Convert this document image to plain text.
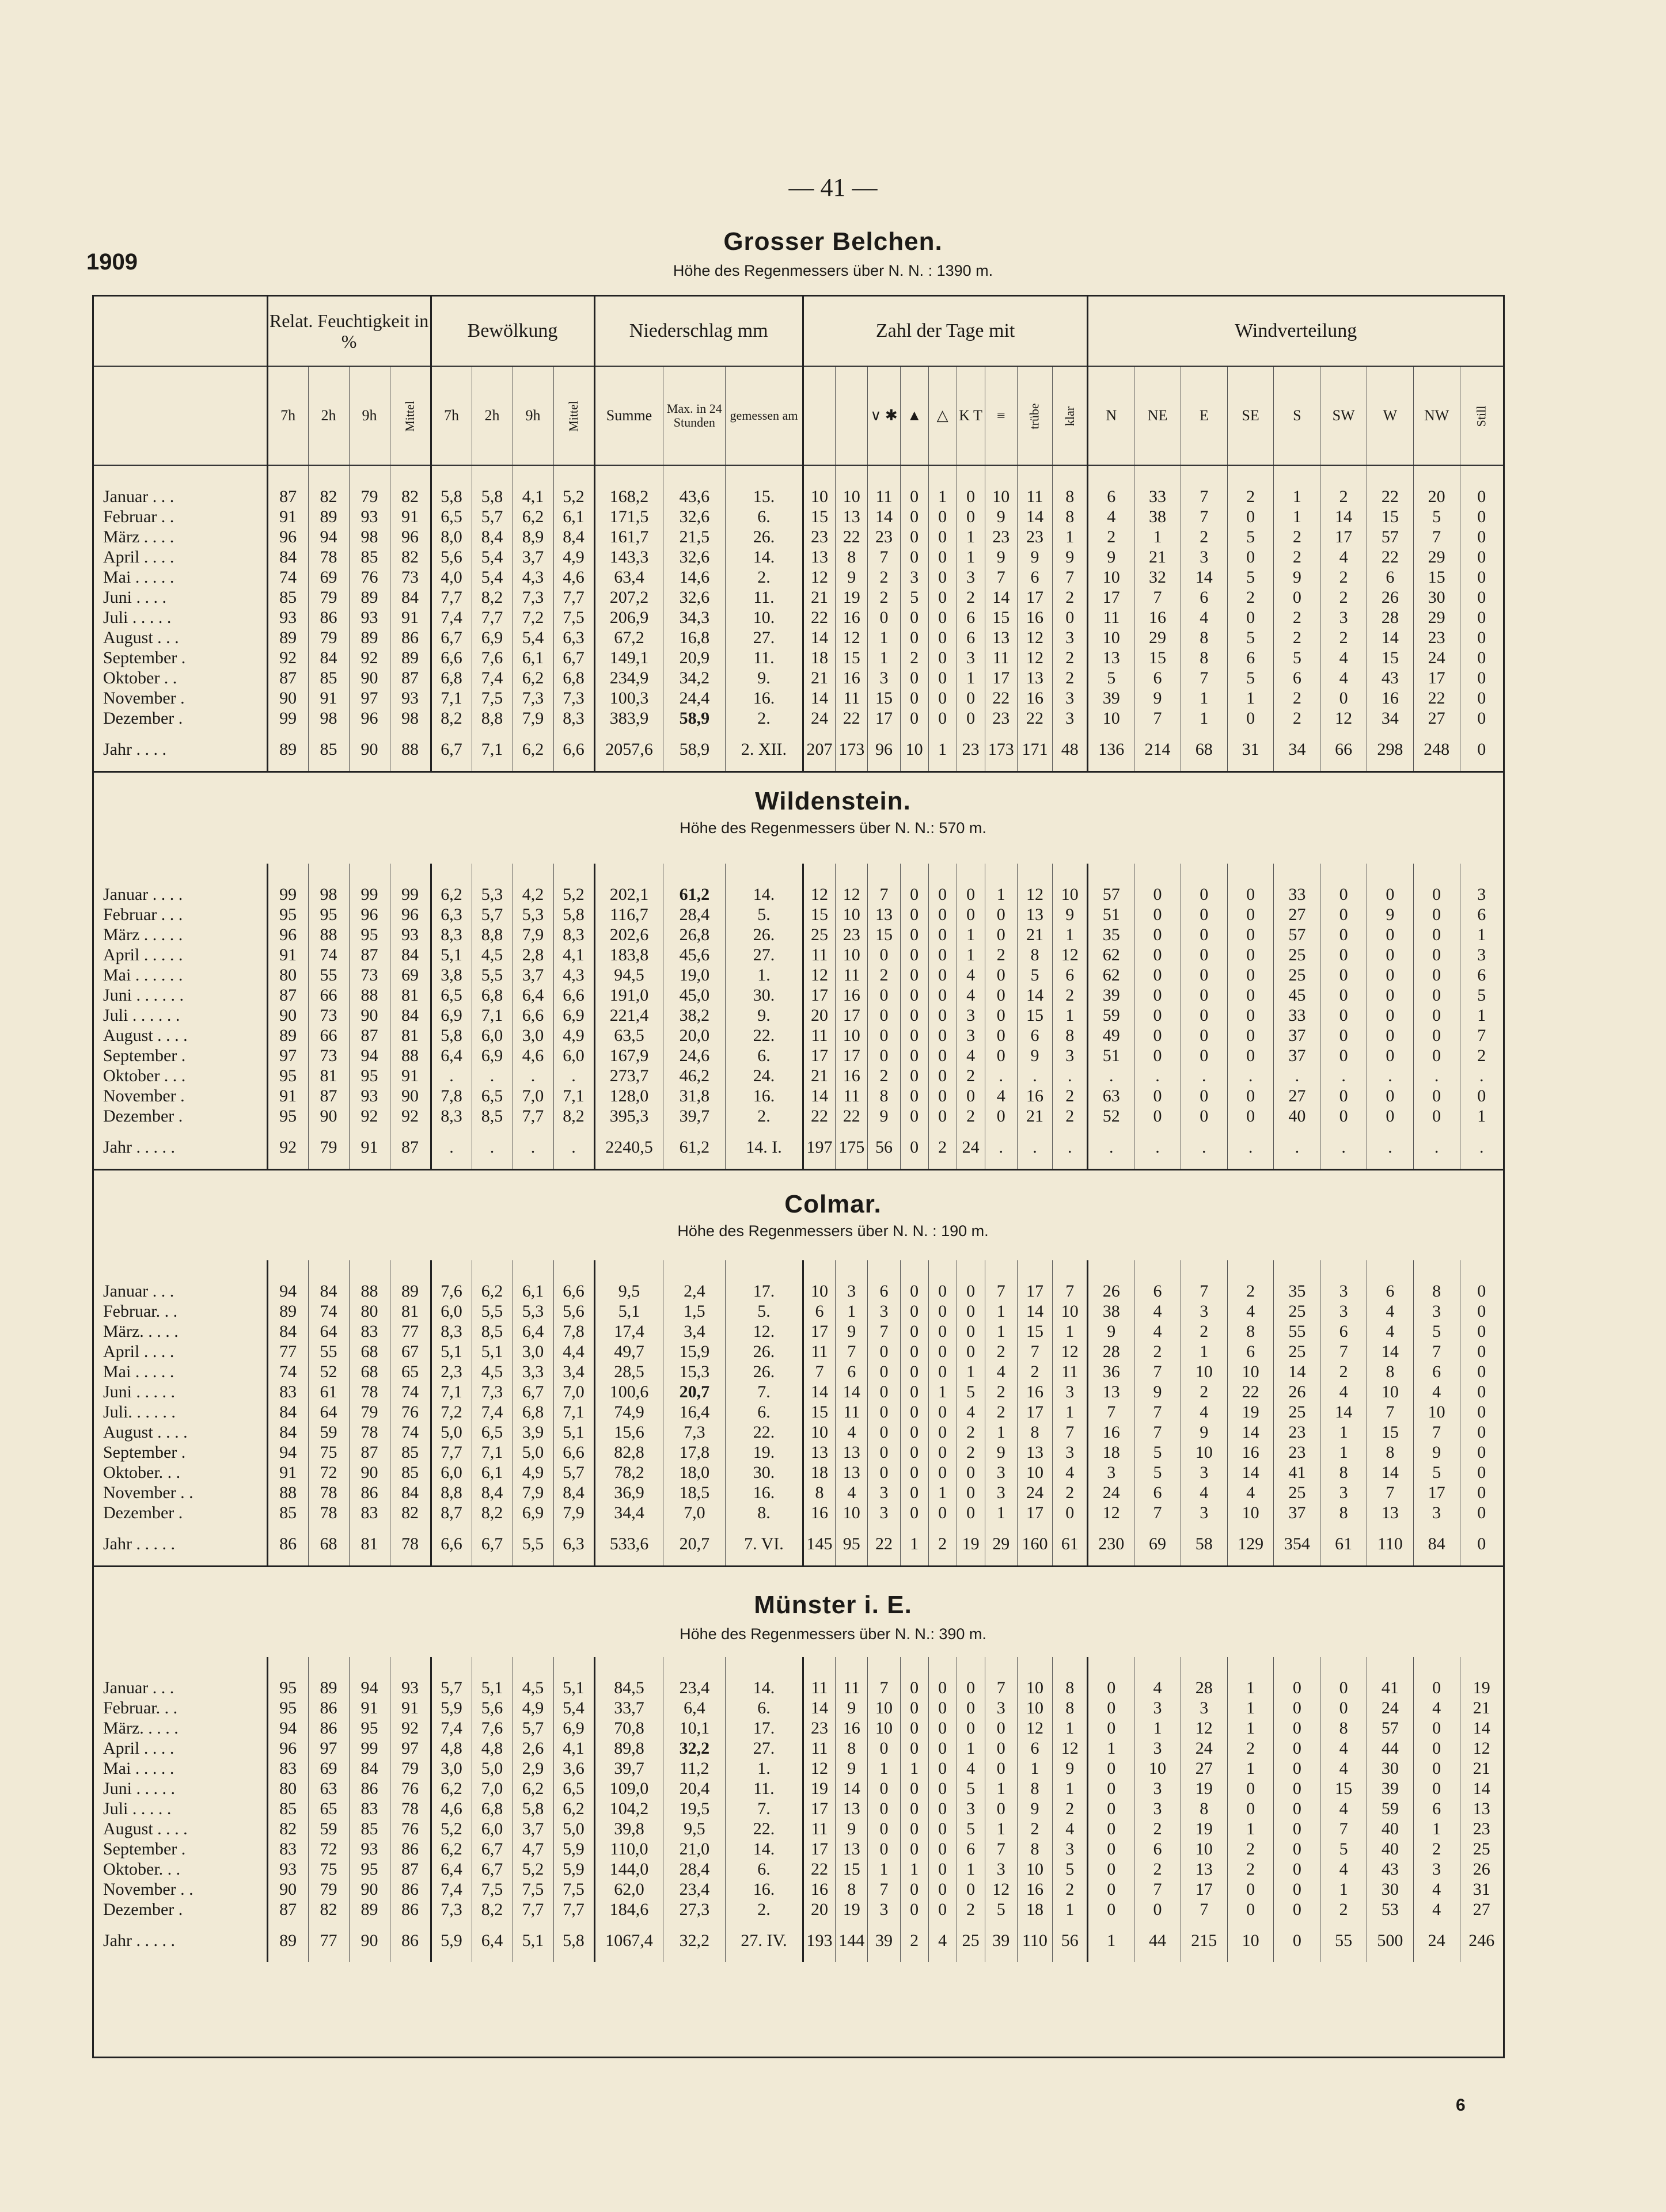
— 41 —
1909
Grosser Belchen.
Höhe des Regenmessers über N. N. : 1390 m.
Wildenstein.
Höhe des Regenmessers über N. N.: 570 m.
Colmar.
Höhe des Regenmessers über N. N. : 190 m.
Münster i. E.
Höhe des Regenmessers über N. N.: 390 m.

	Relat. Feuchtigkeit in %				Bewölkung				Niederschlag mm			Zahl der Tage mit									Windverteilung								
	7h	2h	9h	Mittel	7h	2h	9h	Mittel	Summe	Max. in 24 Stunden	gemessen am			∨ ✱	▲	△	K T	≡	trübe	klar	N	NE	E	SE	S	SW	W	NW	Still

Januar . . .	87	82	79	82	5,8	5,8	4,1	5,2	168,2	43,6	15.	10	10	11	0	1	0	10	11	8	6	33	7	2	1	2	22	20	0
Februar . .	91	89	93	91	6,5	5,7	6,2	6,1	171,5	32,6	6.	15	13	14	0	0	0	9	14	8	4	38	7	0	1	14	15	5	0
März . . . .	96	94	98	96	8,0	8,4	8,9	8,4	161,7	21,5	26.	23	22	23	0	0	1	23	23	1	2	1	2	5	2	17	57	7	0
April . . . .	84	78	85	82	5,6	5,4	3,7	4,9	143,3	32,6	14.	13	8	7	0	0	1	9	9	9	9	21	3	0	2	4	22	29	0
Mai . . . . .	74	69	76	73	4,0	5,4	4,3	4,6	63,4	14,6	2.	12	9	2	3	0	3	7	6	7	10	32	14	5	9	2	6	15	0
Juni . . . .	85	79	89	84	7,7	8,2	7,3	7,7	207,2	32,6	11.	21	19	2	5	0	2	14	17	2	17	7	6	2	0	2	26	30	0
Juli . . . . .	93	86	93	91	7,4	7,7	7,2	7,5	206,9	34,3	10.	22	16	0	0	0	6	15	16	0	11	16	4	0	2	3	28	29	0
August . . .	89	79	89	86	6,7	6,9	5,4	6,3	67,2	16,8	27.	14	12	1	0	0	6	13	12	3	10	29	8	5	2	2	14	23	0
September .	92	84	92	89	6,6	7,6	6,1	6,7	149,1	20,9	11.	18	15	1	2	0	3	11	12	2	13	15	8	6	5	4	15	24	0
Oktober . .	87	85	90	87	6,8	7,4	6,2	6,8	234,9	34,2	9.	21	16	3	0	0	1	17	13	2	5	6	7	5	6	4	43	17	0
November .	90	91	97	93	7,1	7,5	7,3	7,3	100,3	24,4	16.	14	11	15	0	0	0	22	16	3	39	9	1	1	2	0	16	22	0
Dezember .	99	98	96	98	8,2	8,8	7,9	8,3	383,9	58,9	2.	24	22	17	0	0	0	23	22	3	10	7	1	0	2	12	34	27	0
Jahr . . . .	89	85	90	88	6,7	7,1	6,2	6,6	2057,6	58,9	2. XII.	207	173	96	10	1	23	173	171	48	136	214	68	31	34	66	298	248	0

Januar . . . .	99	98	99	99	6,2	5,3	4,2	5,2	202,1	61,2	14.	12	12	7	0	0	0	1	12	10	57	0	0	0	33	0	0	0	3
Februar . . .	95	95	96	96	6,3	5,7	5,3	5,8	116,7	28,4	5.	15	10	13	0	0	0	0	13	9	51	0	0	0	27	0	9	0	6
März . . . . .	96	88	95	93	8,3	8,8	7,9	8,3	202,6	26,8	26.	25	23	15	0	0	1	0	21	1	35	0	0	0	57	0	0	0	1
April . . . . .	91	74	87	84	5,1	4,5	2,8	4,1	183,8	45,6	27.	11	10	0	0	0	1	2	8	12	62	0	0	0	25	0	0	0	3
Mai . . . . . .	80	55	73	69	3,8	5,5	3,7	4,3	94,5	19,0	1.	12	11	2	0	0	4	0	5	6	62	0	0	0	25	0	0	0	6
Juni . . . . . .	87	66	88	81	6,5	6,8	6,4	6,6	191,0	45,0	30.	17	16	0	0	0	4	0	14	2	39	0	0	0	45	0	0	0	5
Juli . . . . . .	90	73	90	84	6,9	7,1	6,6	6,9	221,4	38,2	9.	20	17	0	0	0	3	0	15	1	59	0	0	0	33	0	0	0	1
August . . . .	89	66	87	81	5,8	6,0	3,0	4,9	63,5	20,0	22.	11	10	0	0	0	3	0	6	8	49	0	0	0	37	0	0	0	7
September .	97	73	94	88	6,4	6,9	4,6	6,0	167,9	24,6	6.	17	17	0	0	0	4	0	9	3	51	0	0	0	37	0	0	0	2
Oktober . . .	95	81	95	91	.	.	.	.	273,7	46,2	24.	21	16	2	0	0	2	.	.	.	.	.	.	.	.	.	.	.	.
November .	91	87	93	90	7,8	6,5	7,0	7,1	128,0	31,8	16.	14	11	8	0	0	0	4	16	2	63	0	0	0	27	0	0	0	0
Dezember .	95	90	92	92	8,3	8,5	7,7	8,2	395,3	39,7	2.	22	22	9	0	0	2	0	21	2	52	0	0	0	40	0	0	0	1
Jahr . . . . .	92	79	91	87	.	.	.	.	2240,5	61,2	14. I.	197	175	56	0	2	24	.	.	.	.	.	.	.	.	.	.	.	.

Januar . . .	94	84	88	89	7,6	6,2	6,1	6,6	9,5	2,4	17.	10	3	6	0	0	0	7	17	7	26	6	7	2	35	3	6	8	0
Februar. . .	89	74	80	81	6,0	5,5	5,3	5,6	5,1	1,5	5.	6	1	3	0	0	0	1	14	10	38	4	3	4	25	3	4	3	0
März. . . . .	84	64	83	77	8,3	8,5	6,4	7,8	17,4	3,4	12.	17	9	7	0	0	0	1	15	1	9	4	2	8	55	6	4	5	0
April . . . .	77	55	68	67	5,1	5,1	3,0	4,4	49,7	15,9	26.	11	7	0	0	0	0	2	7	12	28	2	1	6	25	7	14	7	0
Mai . . . . .	74	52	68	65	2,3	4,5	3,3	3,4	28,5	15,3	26.	7	6	0	0	0	1	4	2	11	36	7	10	10	14	2	8	6	0
Juni . . . . .	83	61	78	74	7,1	7,3	6,7	7,0	100,6	20,7	7.	14	14	0	0	1	5	2	16	3	13	9	2	22	26	4	10	4	0
Juli. . . . . .	84	64	79	76	7,2	7,4	6,8	7,1	74,9	16,4	6.	15	11	0	0	0	4	2	17	1	7	7	4	19	25	14	7	10	0
August . . . .	84	59	78	74	5,0	6,5	3,9	5,1	15,6	7,3	22.	10	4	0	0	0	2	1	8	7	16	7	9	14	23	1	15	7	0
September .	94	75	87	85	7,7	7,1	5,0	6,6	82,8	17,8	19.	13	13	0	0	0	2	9	13	3	18	5	10	16	23	1	8	9	0
Oktober. . .	91	72	90	85	6,0	6,1	4,9	5,7	78,2	18,0	30.	18	13	0	0	0	0	3	10	4	3	5	3	14	41	8	14	5	0
November . .	88	78	86	84	8,8	8,4	7,9	8,4	36,9	18,5	16.	8	4	3	0	1	0	3	24	2	24	6	4	4	25	3	7	17	0
Dezember .	85	78	83	82	8,7	8,2	6,9	7,9	34,4	7,0	8.	16	10	3	0	0	0	1	17	0	12	7	3	10	37	8	13	3	0
Jahr . . . . .	86	68	81	78	6,6	6,7	5,5	6,3	533,6	20,7	7. VI.	145	95	22	1	2	19	29	160	61	230	69	58	129	354	61	110	84	0

Januar . . .	95	89	94	93	5,7	5,1	4,5	5,1	84,5	23,4	14.	11	11	7	0	0	0	7	10	8	0	4	28	1	0	0	41	0	19
Februar. . .	95	86	91	91	5,9	5,6	4,9	5,4	33,7	6,4	6.	14	9	10	0	0	0	3	10	8	0	3	3	1	0	0	24	4	21
März. . . . .	94	86	95	92	7,4	7,6	5,7	6,9	70,8	10,1	17.	23	16	10	0	0	0	0	12	1	0	1	12	1	0	8	57	0	14
April . . . .	96	97	99	97	4,8	4,8	2,6	4,1	89,8	32,2	27.	11	8	0	0	0	1	0	6	12	1	3	24	2	0	4	44	0	12
Mai . . . . .	83	69	84	79	3,0	5,0	2,9	3,6	39,7	11,2	1.	12	9	1	1	0	4	0	1	9	0	10	27	1	0	4	30	0	21
Juni . . . . .	80	63	86	76	6,2	7,0	6,2	6,5	109,0	20,4	11.	19	14	0	0	0	5	1	8	1	0	3	19	0	0	15	39	0	14
Juli . . . . .	85	65	83	78	4,6	6,8	5,8	6,2	104,2	19,5	7.	17	13	0	0	0	3	0	9	2	0	3	8	0	0	4	59	6	13
August . . . .	82	59	85	76	5,2	6,0	3,7	5,0	39,8	9,5	22.	11	9	0	0	0	5	1	2	4	0	2	19	1	0	7	40	1	23
September .	83	72	93	86	6,2	6,7	4,7	5,9	110,0	21,0	14.	17	13	0	0	0	6	7	8	3	0	6	10	2	0	5	40	2	25
Oktober. . .	93	75	95	87	6,4	6,7	5,2	5,9	144,0	28,4	6.	22	15	1	1	0	1	3	10	5	0	2	13	2	0	4	43	3	26
November . .	90	79	90	86	7,4	7,5	7,5	7,5	62,0	23,4	16.	16	8	7	0	0	0	12	16	2	0	7	17	0	0	1	30	4	31
Dezember .	87	82	89	86	7,3	8,2	7,7	7,7	184,6	27,3	2.	20	19	3	0	0	2	5	18	1	0	0	7	0	0	2	53	4	27
Jahr . . . . .	89	77	90	86	5,9	6,4	5,1	5,8	1067,4	32,2	27. IV.	193	144	39	2	4	25	39	110	56	1	44	215	10	0	55	500	24	246
6
